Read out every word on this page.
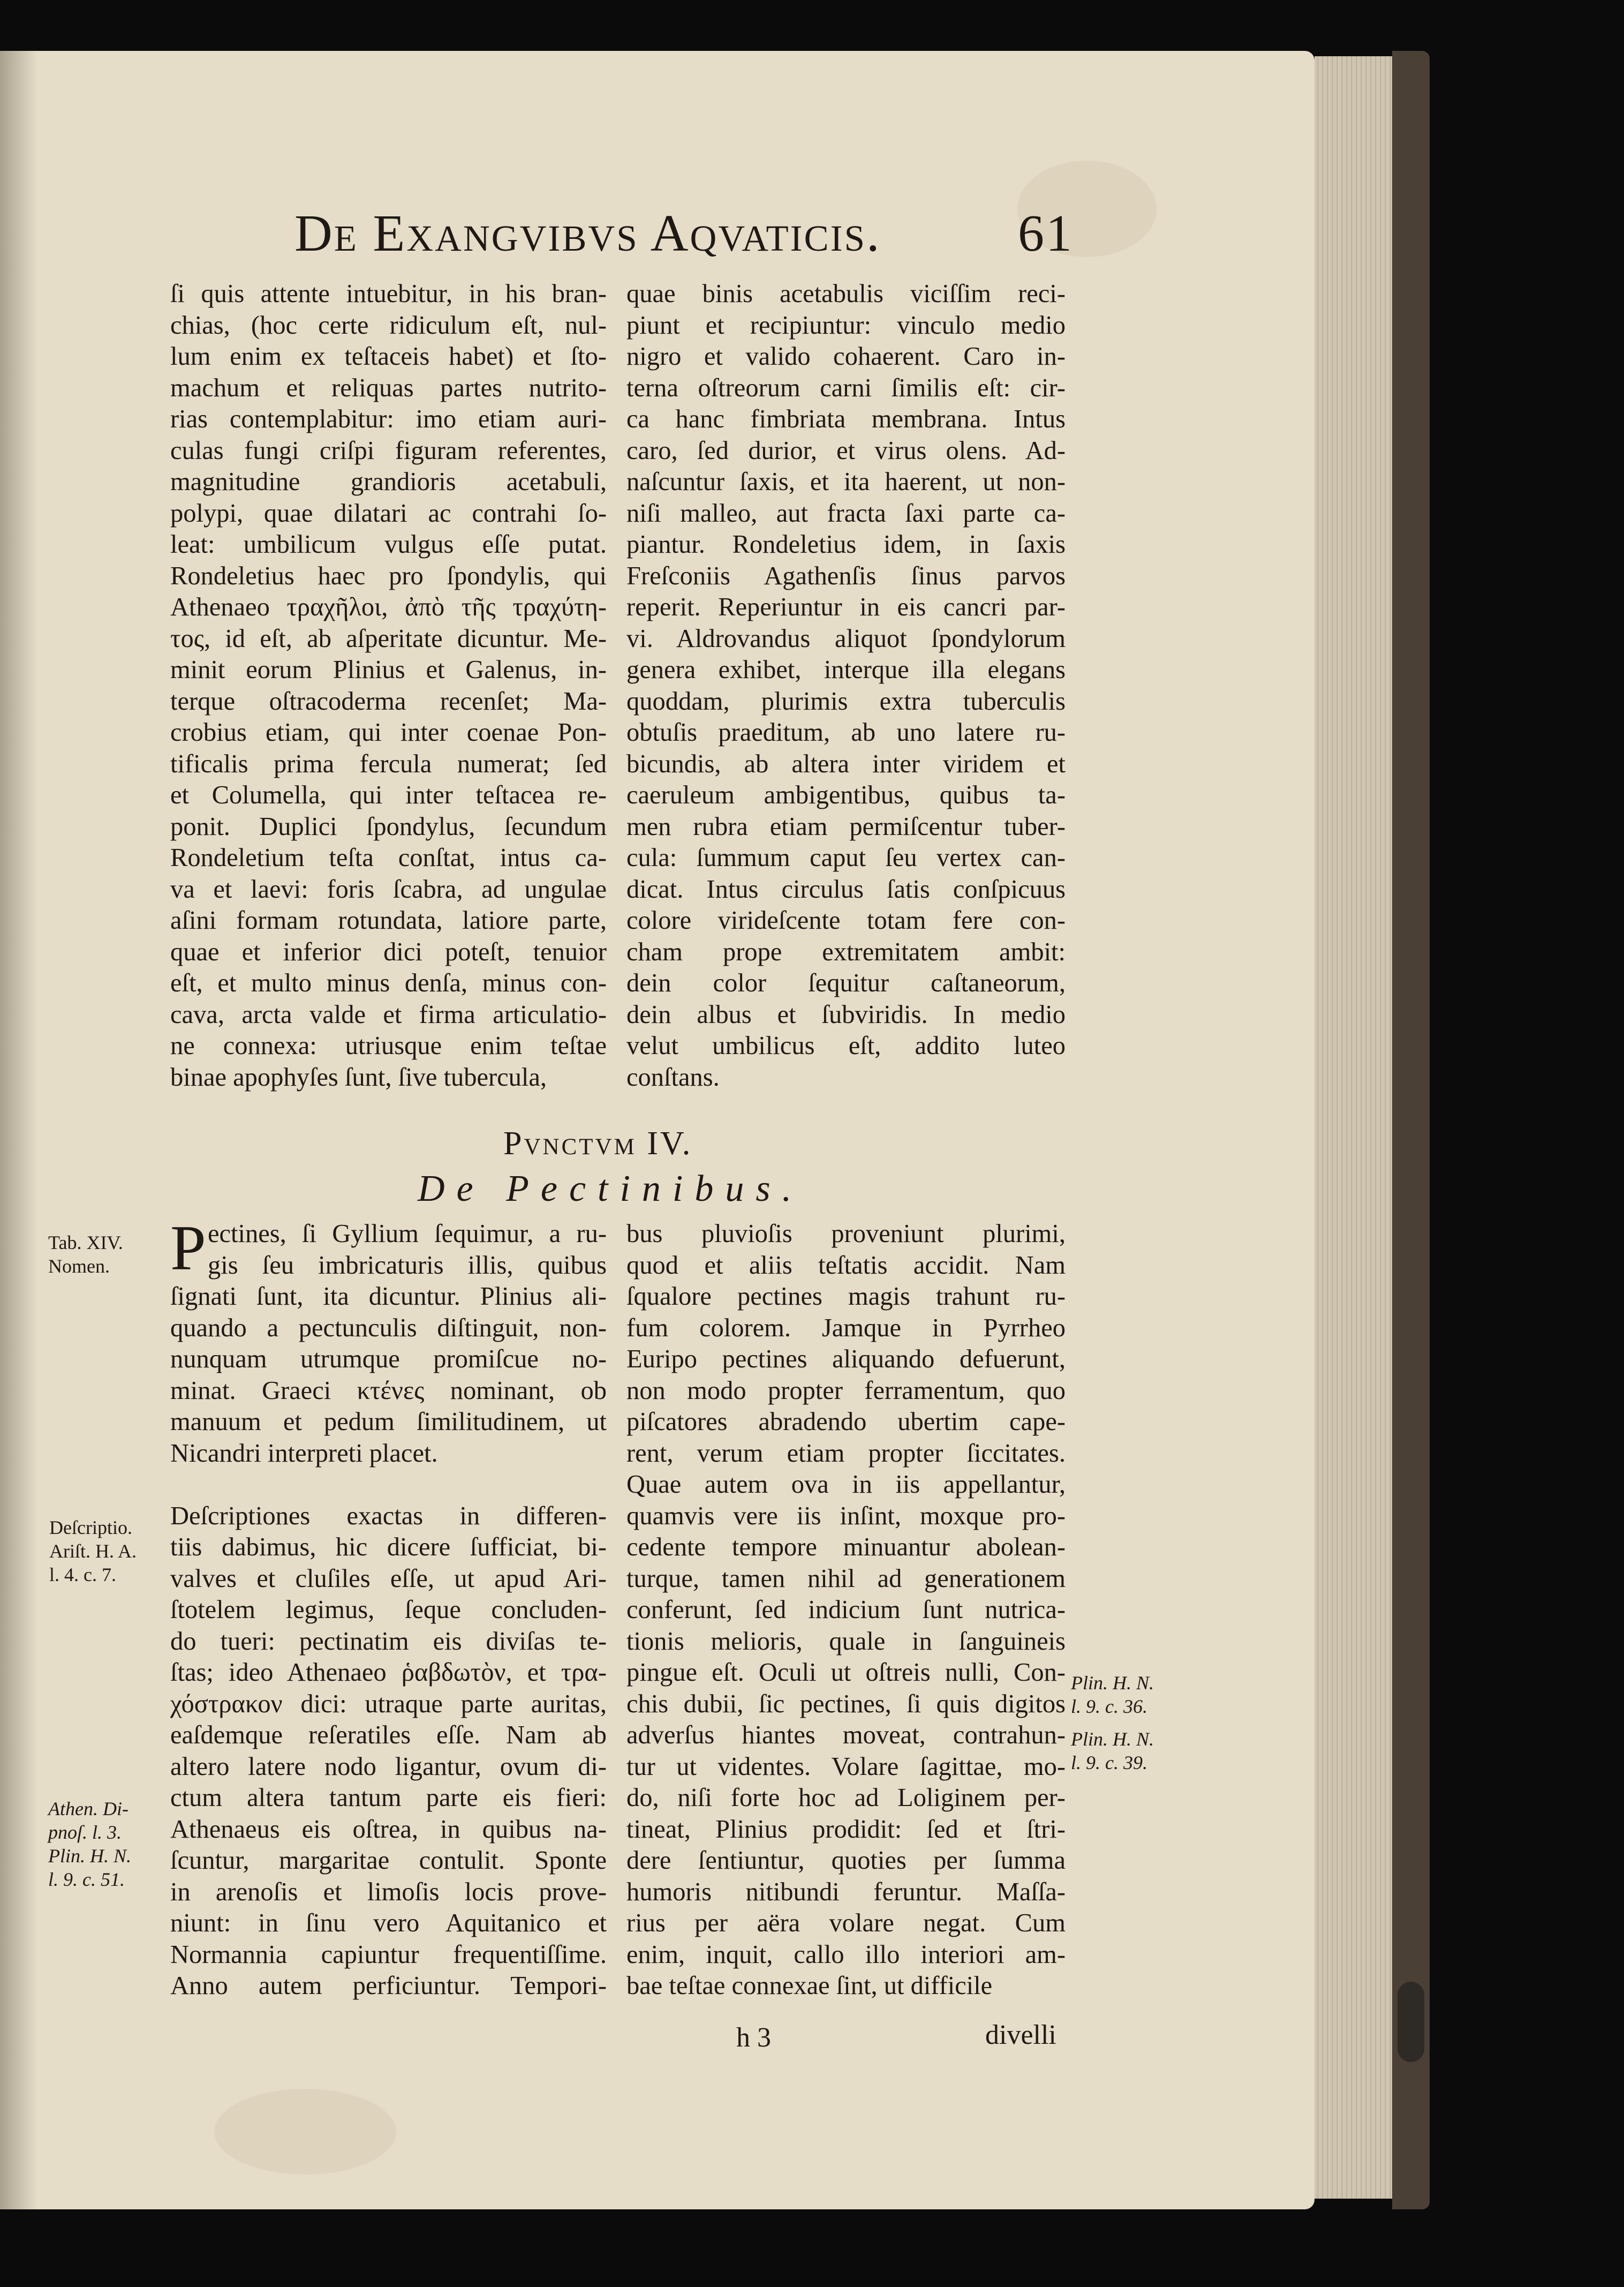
De Exangvibvs Aqvaticis.	61
ſi quis attente intuebitur, in his bran-
chias, (hoc certe ridiculum eſt, nul-
lum enim ex teſtaceis habet) et ſto-
machum et reliquas partes nutrito-
rias contemplabitur: imo etiam auri-
culas fungi criſpi figuram referentes,
magnitudine grandioris acetabuli,
polypi, quae dilatari ac contrahi ſo-
leat: umbilicum vulgus eſſe putat.
Rondeletius haec pro ſpondylis, qui
Athenaeo τραχῆλοι, ἀπὸ τῆς τραχύτη-
τος, id eſt, ab aſperitate dicuntur. Me-
minit eorum Plinius et Galenus, in-
terque oſtracoderma recenſet; Ma-
crobius etiam, qui inter coenae Pon-
tificalis prima fercula numerat; ſed
et Columella, qui inter teſtacea re-
ponit. Duplici ſpondylus, ſecundum
Rondeletium teſta conſtat, intus ca-
va et laevi: foris ſcabra, ad ungulae
aſini formam rotundata, latiore parte,
quae et inferior dici poteſt, tenuior
eſt, et multo minus denſa, minus con-
cava, arcta valde et firma articulatio-
ne connexa: utriusque enim teſtae
binae apophyſes ſunt, ſive tubercula,
quae binis acetabulis viciſſim reci-
piunt et recipiuntur: vinculo medio
nigro et valido cohaerent. Caro in-
terna oſtreorum carni ſimilis eſt: cir-
ca hanc fimbriata membrana. Intus
caro, ſed durior, et virus olens. Ad-
naſcuntur ſaxis, et ita haerent, ut non-
niſi malleo, aut fracta ſaxi parte ca-
piantur. Rondeletius idem, in ſaxis
Freſconiis Agathenſis ſinus parvos
reperit. Reperiuntur in eis cancri par-
vi. Aldrovandus aliquot ſpondylorum
genera exhibet, interque illa elegans
quoddam, plurimis extra tuberculis
obtuſis praeditum, ab uno latere ru-
bicundis, ab altera inter viridem et
caeruleum ambigentibus, quibus ta-
men rubra etiam permiſcentur tuber-
cula: ſummum caput ſeu vertex can-
dicat. Intus circulus ſatis conſpicuus
colore virideſcente totam fere con-
cham prope extremitatem ambit:
dein color ſequitur caſtaneorum,
dein albus et ſubviridis. In medio
velut umbilicus eſt, addito luteo
conſtans.
Pvnctvm IV.
De Pectinibus.
P ectines, ſi Gyllium ſequimur, a ru-
gis ſeu imbricaturis illis, quibus
ſignati ſunt, ita dicuntur. Plinius ali-
quando a pectunculis diſtinguit, non-
nunquam utrumque promiſcue no-
minat. Graeci κτένες nominant, ob
manuum et pedum ſimilitudinem, ut
Nicandri interpreti placet.
Deſcriptiones exactas in differen-
tiis dabimus, hic dicere ſufficiat, bi-
valves et cluſiles eſſe, ut apud Ari-
ſtotelem legimus, ſeque concluden-
do tueri: pectinatim eis diviſas te-
ſtas; ideo Athenaeo ῥαβδωτὸν, et τρα-
χόστρακον dici: utraque parte auritas,
eaſdemque reſeratiles eſſe. Nam ab
altero latere nodo ligantur, ovum di-
ctum altera tantum parte eis fieri:
Athenaeus eis oſtrea, in quibus na-
ſcuntur, margaritae contulit. Sponte
in arenoſis et limoſis locis prove-
niunt: in ſinu vero Aquitanico et
Normannia capiuntur frequentiſſime.
Anno autem perficiuntur. Tempori-
bus pluvioſis proveniunt plurimi,
quod et aliis teſtatis accidit. Nam
ſqualore pectines magis trahunt ru-
fum colorem. Jamque in Pyrrheo
Euripo pectines aliquando defuerunt,
non modo propter ferramentum, quo
piſcatores abradendo ubertim cape-
rent, verum etiam propter ſiccitates.
Quae autem ova in iis appellantur,
quamvis vere iis inſint, moxque pro-
cedente tempore minuantur abolean-
turque, tamen nihil ad generationem
conferunt, ſed indicium ſunt nutrica-
tionis melioris, quale in ſanguineis
pingue eſt. Oculi ut oſtreis nulli, Con-
chis dubii, ſic pectines, ſi quis digitos
adverſus hiantes moveat, contrahun-
tur ut videntes. Volare ſagittae, mo-
do, niſi forte hoc ad Loliginem per-
tineat, Plinius prodidit: ſed et ſtri-
dere ſentiuntur, quoties per ſumma
humoris nitibundi feruntur. Maſſa-
rius per aëra volare negat. Cum
enim, inquit, callo illo interiori am-
bae teſtae connexae ſint, ut difficile
Tab. XIV.
Nomen.
Deſcriptio.
Ariſt. H. A.
l. 4. c. 7.
Athen. Di-
pnoſ. l. 3.
Plin. H. N.
l. 9. c. 51.
Plin. H. N.
l. 9. c. 36.
Plin. H. N.
l. 9. c. 39.
h 3	divelli
